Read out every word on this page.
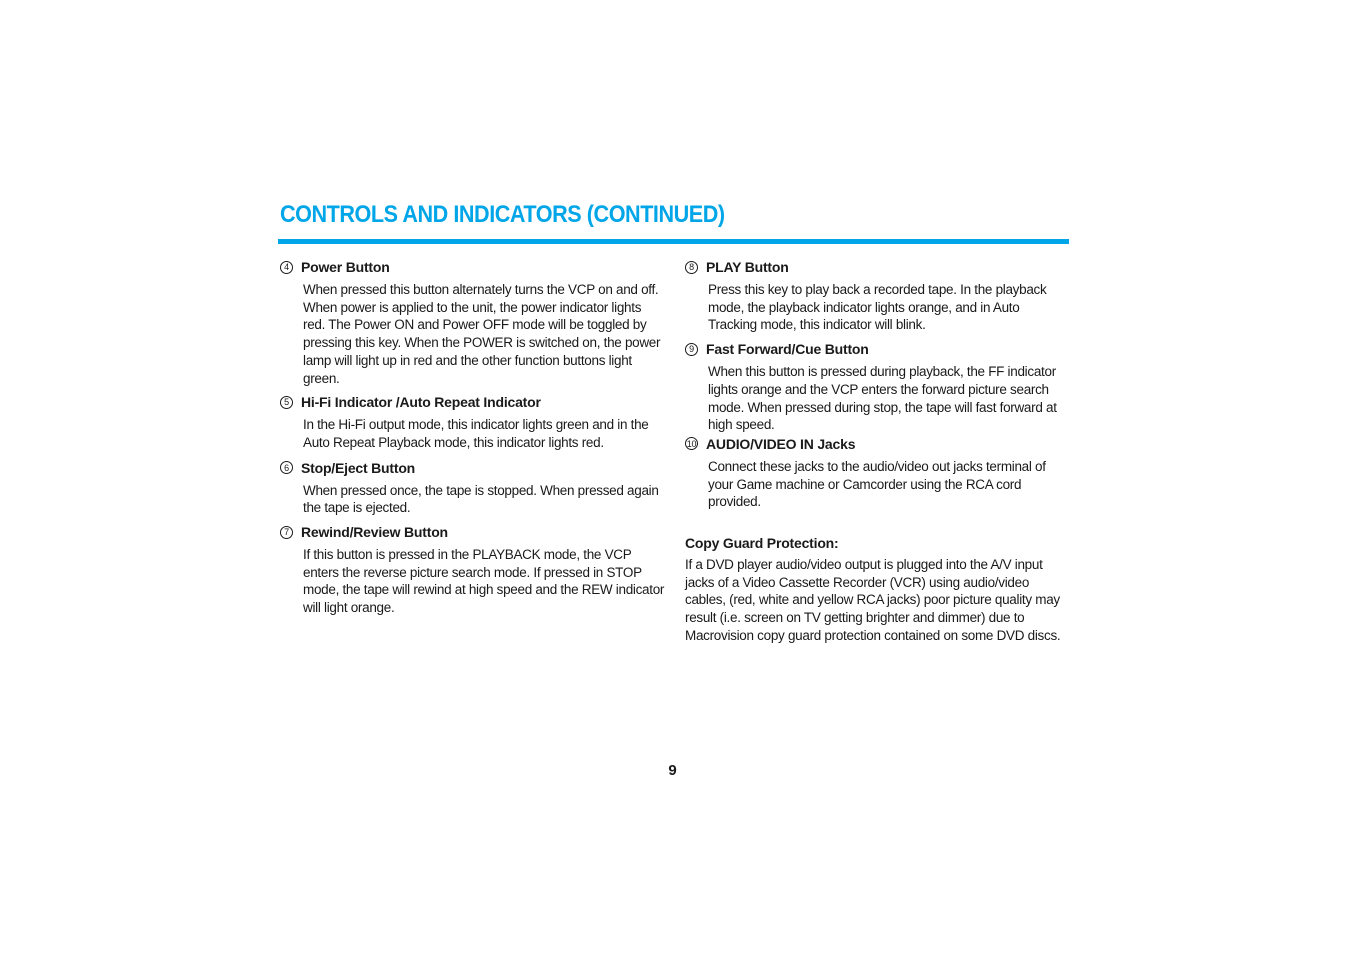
CONTROLS AND INDICATORS (CONTINUED)
4 Power Button
When pressed this button alternately turns the VCP on and off. When power is applied to the unit, the power indicator lights red. The Power ON and Power OFF mode will be toggled by pressing this key. When the POWER is switched on, the power lamp will light up in red and the other function buttons light green.
5 Hi-Fi Indicator /Auto Repeat Indicator
In the Hi-Fi output mode, this indicator lights green and in the Auto Repeat Playback mode, this indicator lights red.
6 Stop/Eject Button
When pressed once, the tape is stopped. When pressed again the tape is ejected.
7 Rewind/Review Button
If this button is pressed in the PLAYBACK mode, the VCP enters the reverse picture search mode. If pressed in STOP mode, the tape will rewind at high speed and the REW indicator will light orange.
8 PLAY Button
Press this key to play back a recorded tape. In the playback mode, the playback indicator lights orange, and in Auto Tracking mode, this indicator will blink.
9 Fast Forward/Cue Button
When this button is pressed during playback, the FF indicator lights orange and the VCP enters the forward picture search mode. When pressed during stop, the tape will fast forward at high speed.
10 AUDIO/VIDEO IN Jacks
Connect these jacks to the audio/video out jacks terminal of your Game machine or Camcorder using the RCA cord provided.
Copy Guard Protection:
If a DVD player audio/video output is plugged into the A/V input jacks of a Video Cassette Recorder (VCR) using audio/video cables, (red, white and yellow RCA jacks) poor picture quality may result (i.e. screen on TV getting brighter and dimmer) due to Macrovision copy guard protection contained on some DVD discs.
9
